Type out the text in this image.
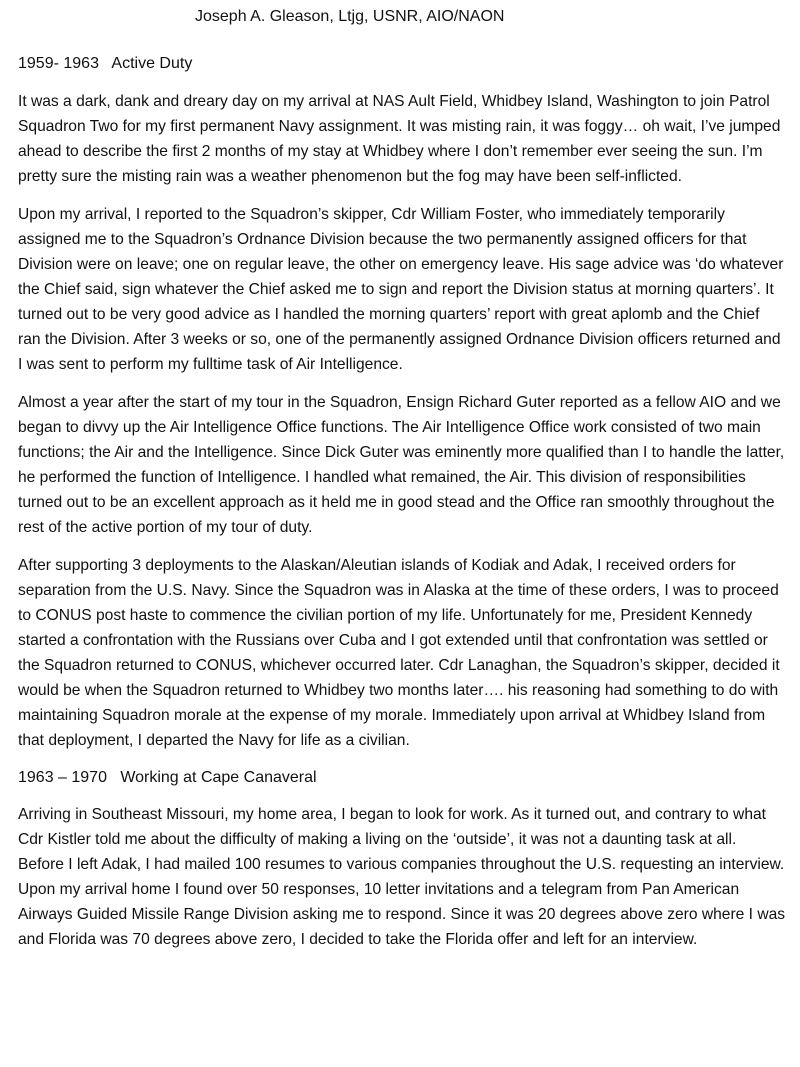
Joseph A. Gleason, Ltjg, USNR, AIO/NAON
1959- 1963   Active Duty

It was a dark, dank and dreary day on my arrival at NAS Ault Field, Whidbey Island, Washington to join Patrol Squadron Two for my first permanent Navy assignment. It was misting rain, it was foggy… oh wait, I’ve jumped ahead to describe the first 2 months of my stay at Whidbey where I don’t remember ever seeing the sun. I’m pretty sure the misting rain was a weather phenomenon but the fog may have been self-inflicted.

Upon my arrival, I reported to the Squadron’s skipper, Cdr William Foster, who immediately temporarily assigned me to the Squadron’s Ordnance Division because the two permanently assigned officers for that Division were on leave; one on regular leave, the other on emergency leave. His sage advice was ‘do whatever the Chief said, sign whatever the Chief asked me to sign and report the Division status at morning quarters’. It turned out to be very good advice as I handled the morning quarters’ report with great aplomb and the Chief ran the Division. After 3 weeks or so, one of the permanently assigned Ordnance Division officers returned and I was sent to perform my fulltime task of Air Intelligence.

Almost a year after the start of my tour in the Squadron, Ensign Richard Guter reported as a fellow AIO and we began to divvy up the Air Intelligence Office functions. The Air Intelligence Office work consisted of two main functions; the Air and the Intelligence. Since Dick Guter was eminently more qualified than I to handle the latter, he performed the function of Intelligence. I handled what remained, the Air. This division of responsibilities turned out to be an excellent approach as it held me in good stead and the Office ran smoothly throughout the rest of the active portion of my tour of duty.

After supporting 3 deployments to the Alaskan/Aleutian islands of Kodiak and Adak, I received orders for separation from the U.S. Navy. Since the Squadron was in Alaska at the time of these orders, I was to proceed to CONUS post haste to commence the civilian portion of my life. Unfortunately for me, President Kennedy started a confrontation with the Russians over Cuba and I got extended until that confrontation was settled or the Squadron returned to CONUS, whichever occurred later. Cdr Lanaghan, the Squadron’s skipper, decided it would be when the Squadron returned to Whidbey two months later…. his reasoning had something to do with maintaining Squadron morale at the expense of my morale. Immediately upon arrival at Whidbey Island from that deployment, I departed the Navy for life as a civilian.

1963 – 1970   Working at Cape Canaveral

Arriving in Southeast Missouri, my home area, I began to look for work. As it turned out, and contrary to what Cdr Kistler told me about the difficulty of making a living on the ‘outside’, it was not a daunting task at all. Before I left Adak, I had mailed 100 resumes to various companies throughout the U.S. requesting an interview. Upon my arrival home I found over 50 responses, 10 letter invitations and a telegram from Pan American Airways Guided Missile Range Division asking me to respond. Since it was 20 degrees above zero where I was and Florida was 70 degrees above zero, I decided to take the Florida offer and left for an interview.
